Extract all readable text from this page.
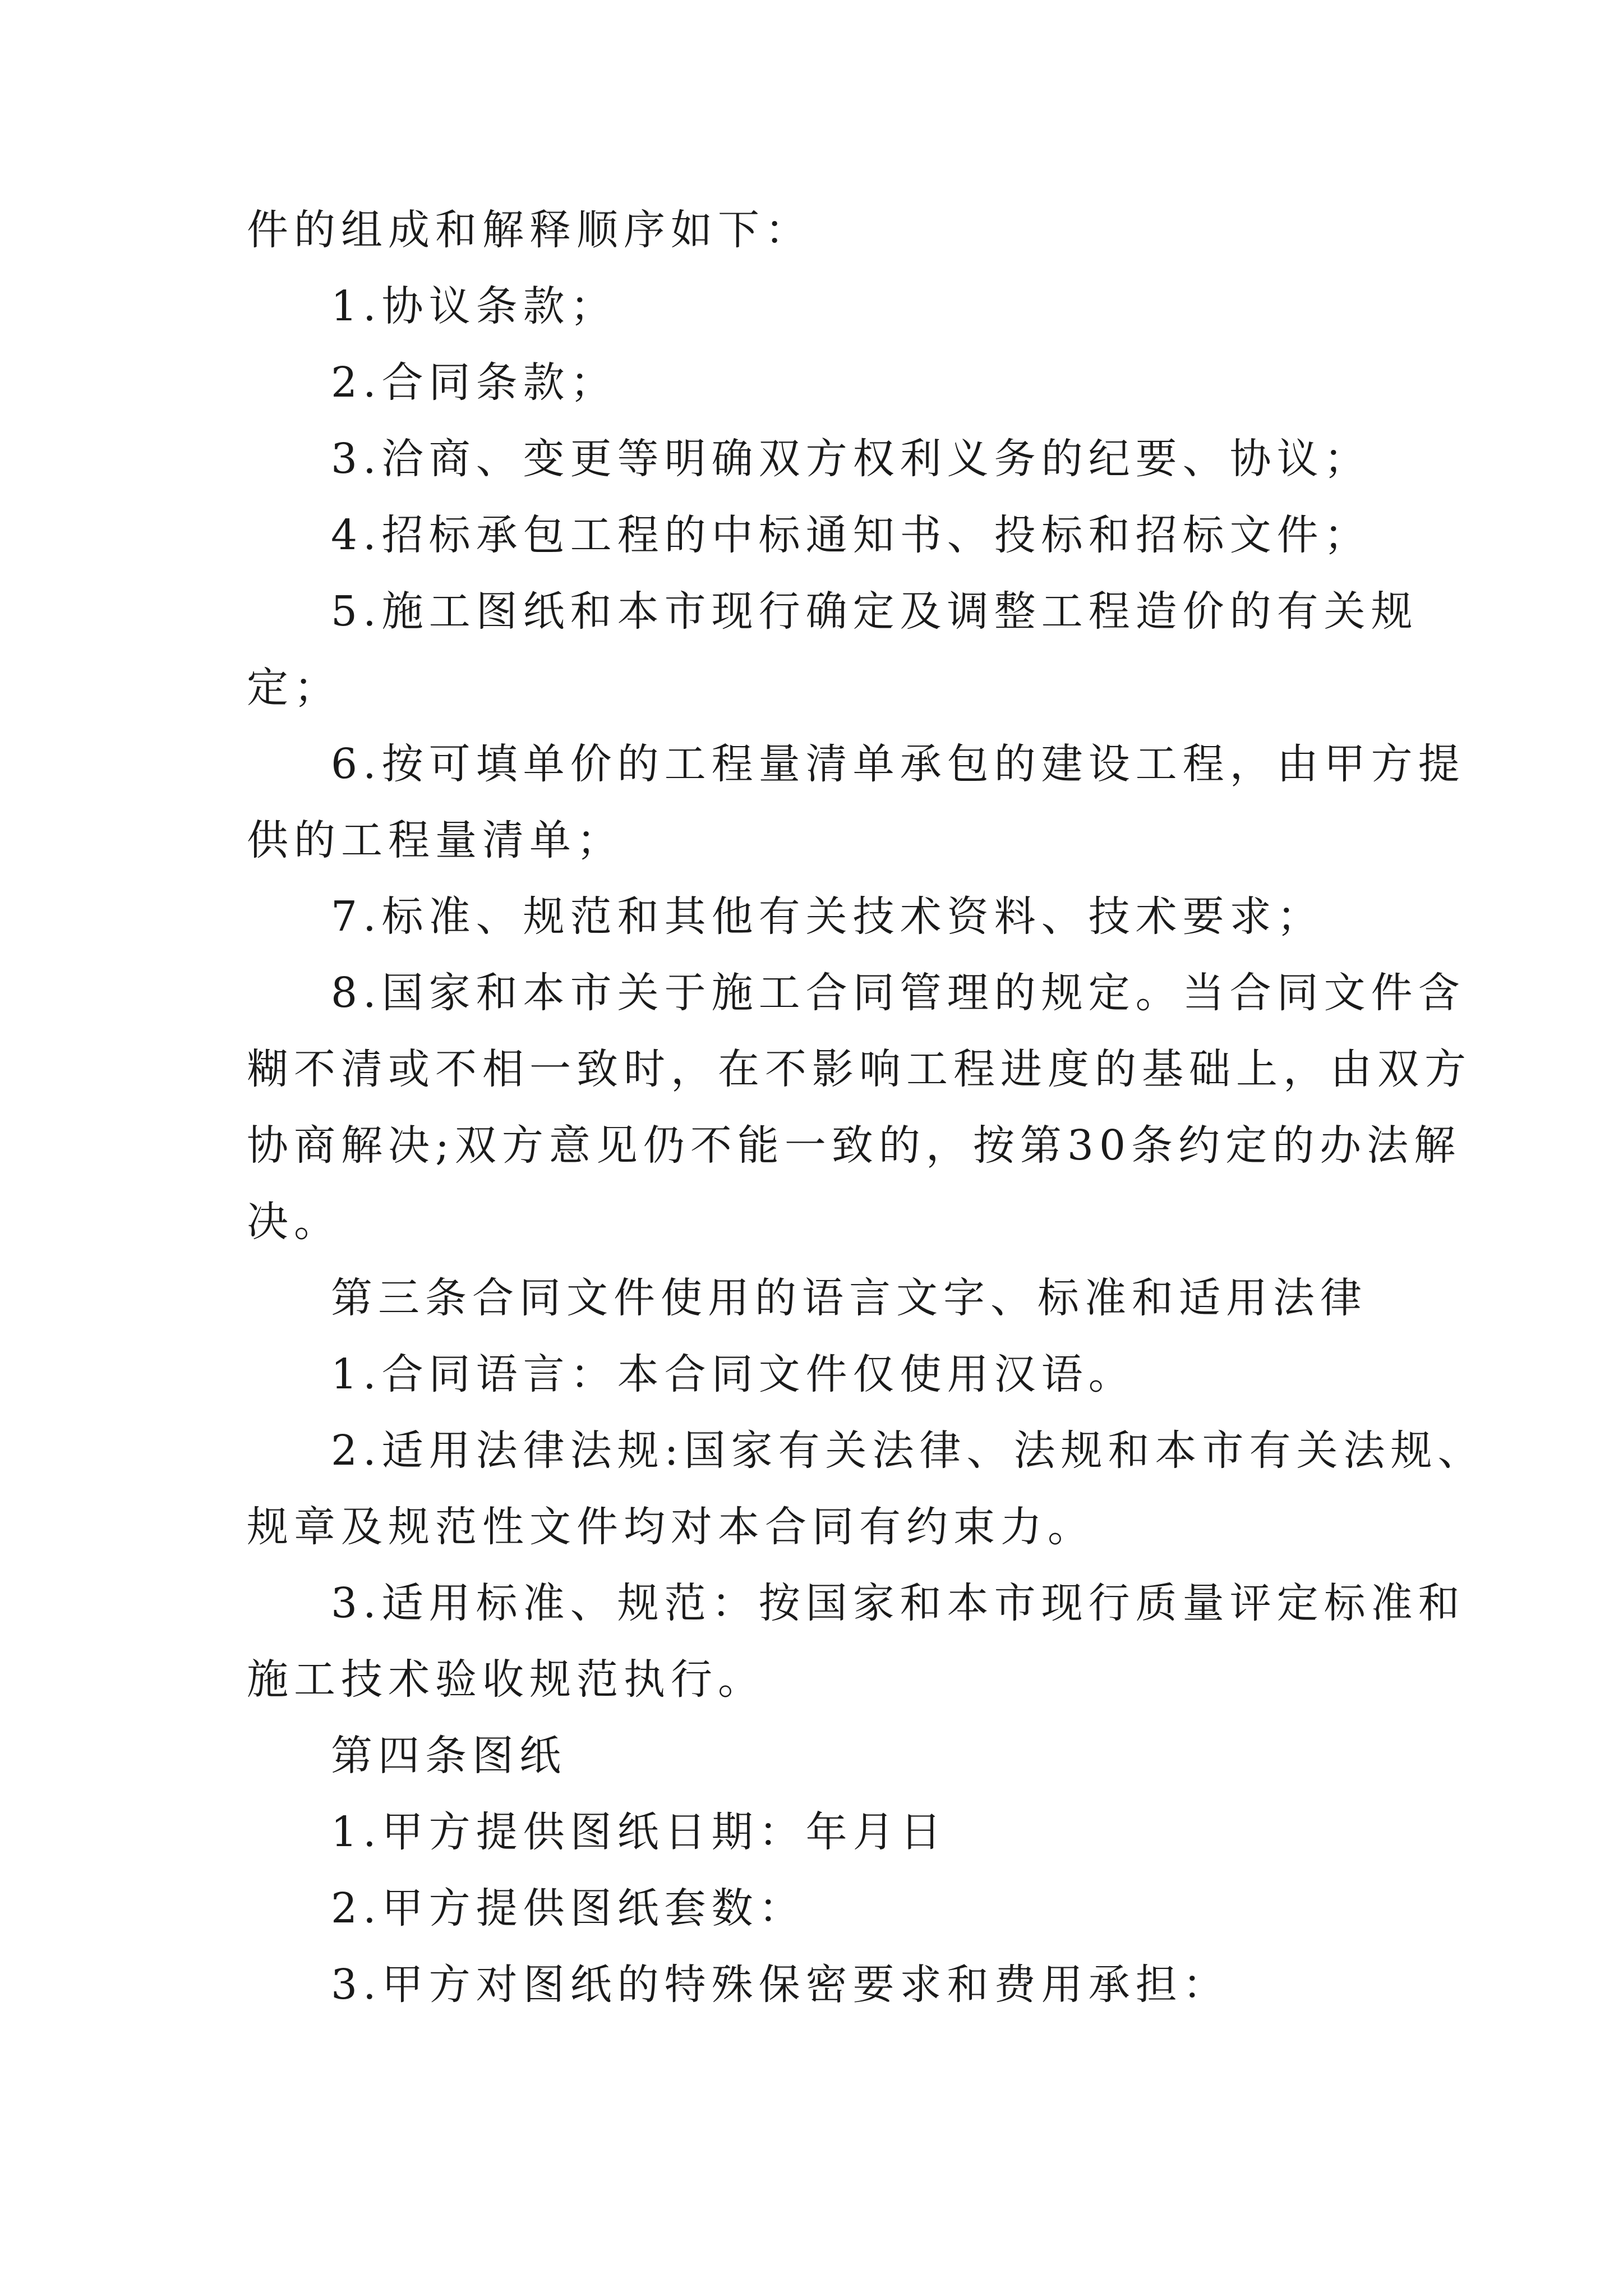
件的组成和解释顺序如下：
1.协议条款；
2.合同条款；
3.洽商、变更等明确双方权利义务的纪要、协议；
4.招标承包工程的中标通知书、投标和招标文件；
5.施工图纸和本市现行确定及调整工程造价的有关规
定；
6.按可填单价的工程量清单承包的建设工程，由甲方提
供的工程量清单；
7.标准、规范和其他有关技术资料、技术要求；
8.国家和本市关于施工合同管理的规定。当合同文件含
糊不清或不相一致时，在不影响工程进度的基础上，由双方
协商解决;双方意见仍不能一致的，按第30条约定的办法解
决。
第三条合同文件使用的语言文字、标准和适用法律
1.合同语言：本合同文件仅使用汉语。
2.适用法律法规:国家有关法律、法规和本市有关法规、
规章及规范性文件均对本合同有约束力。
3.适用标准、规范：按国家和本市现行质量评定标准和
施工技术验收规范执行。
第四条图纸
1.甲方提供图纸日期：年月日
2.甲方提供图纸套数：
3.甲方对图纸的特殊保密要求和费用承担：
